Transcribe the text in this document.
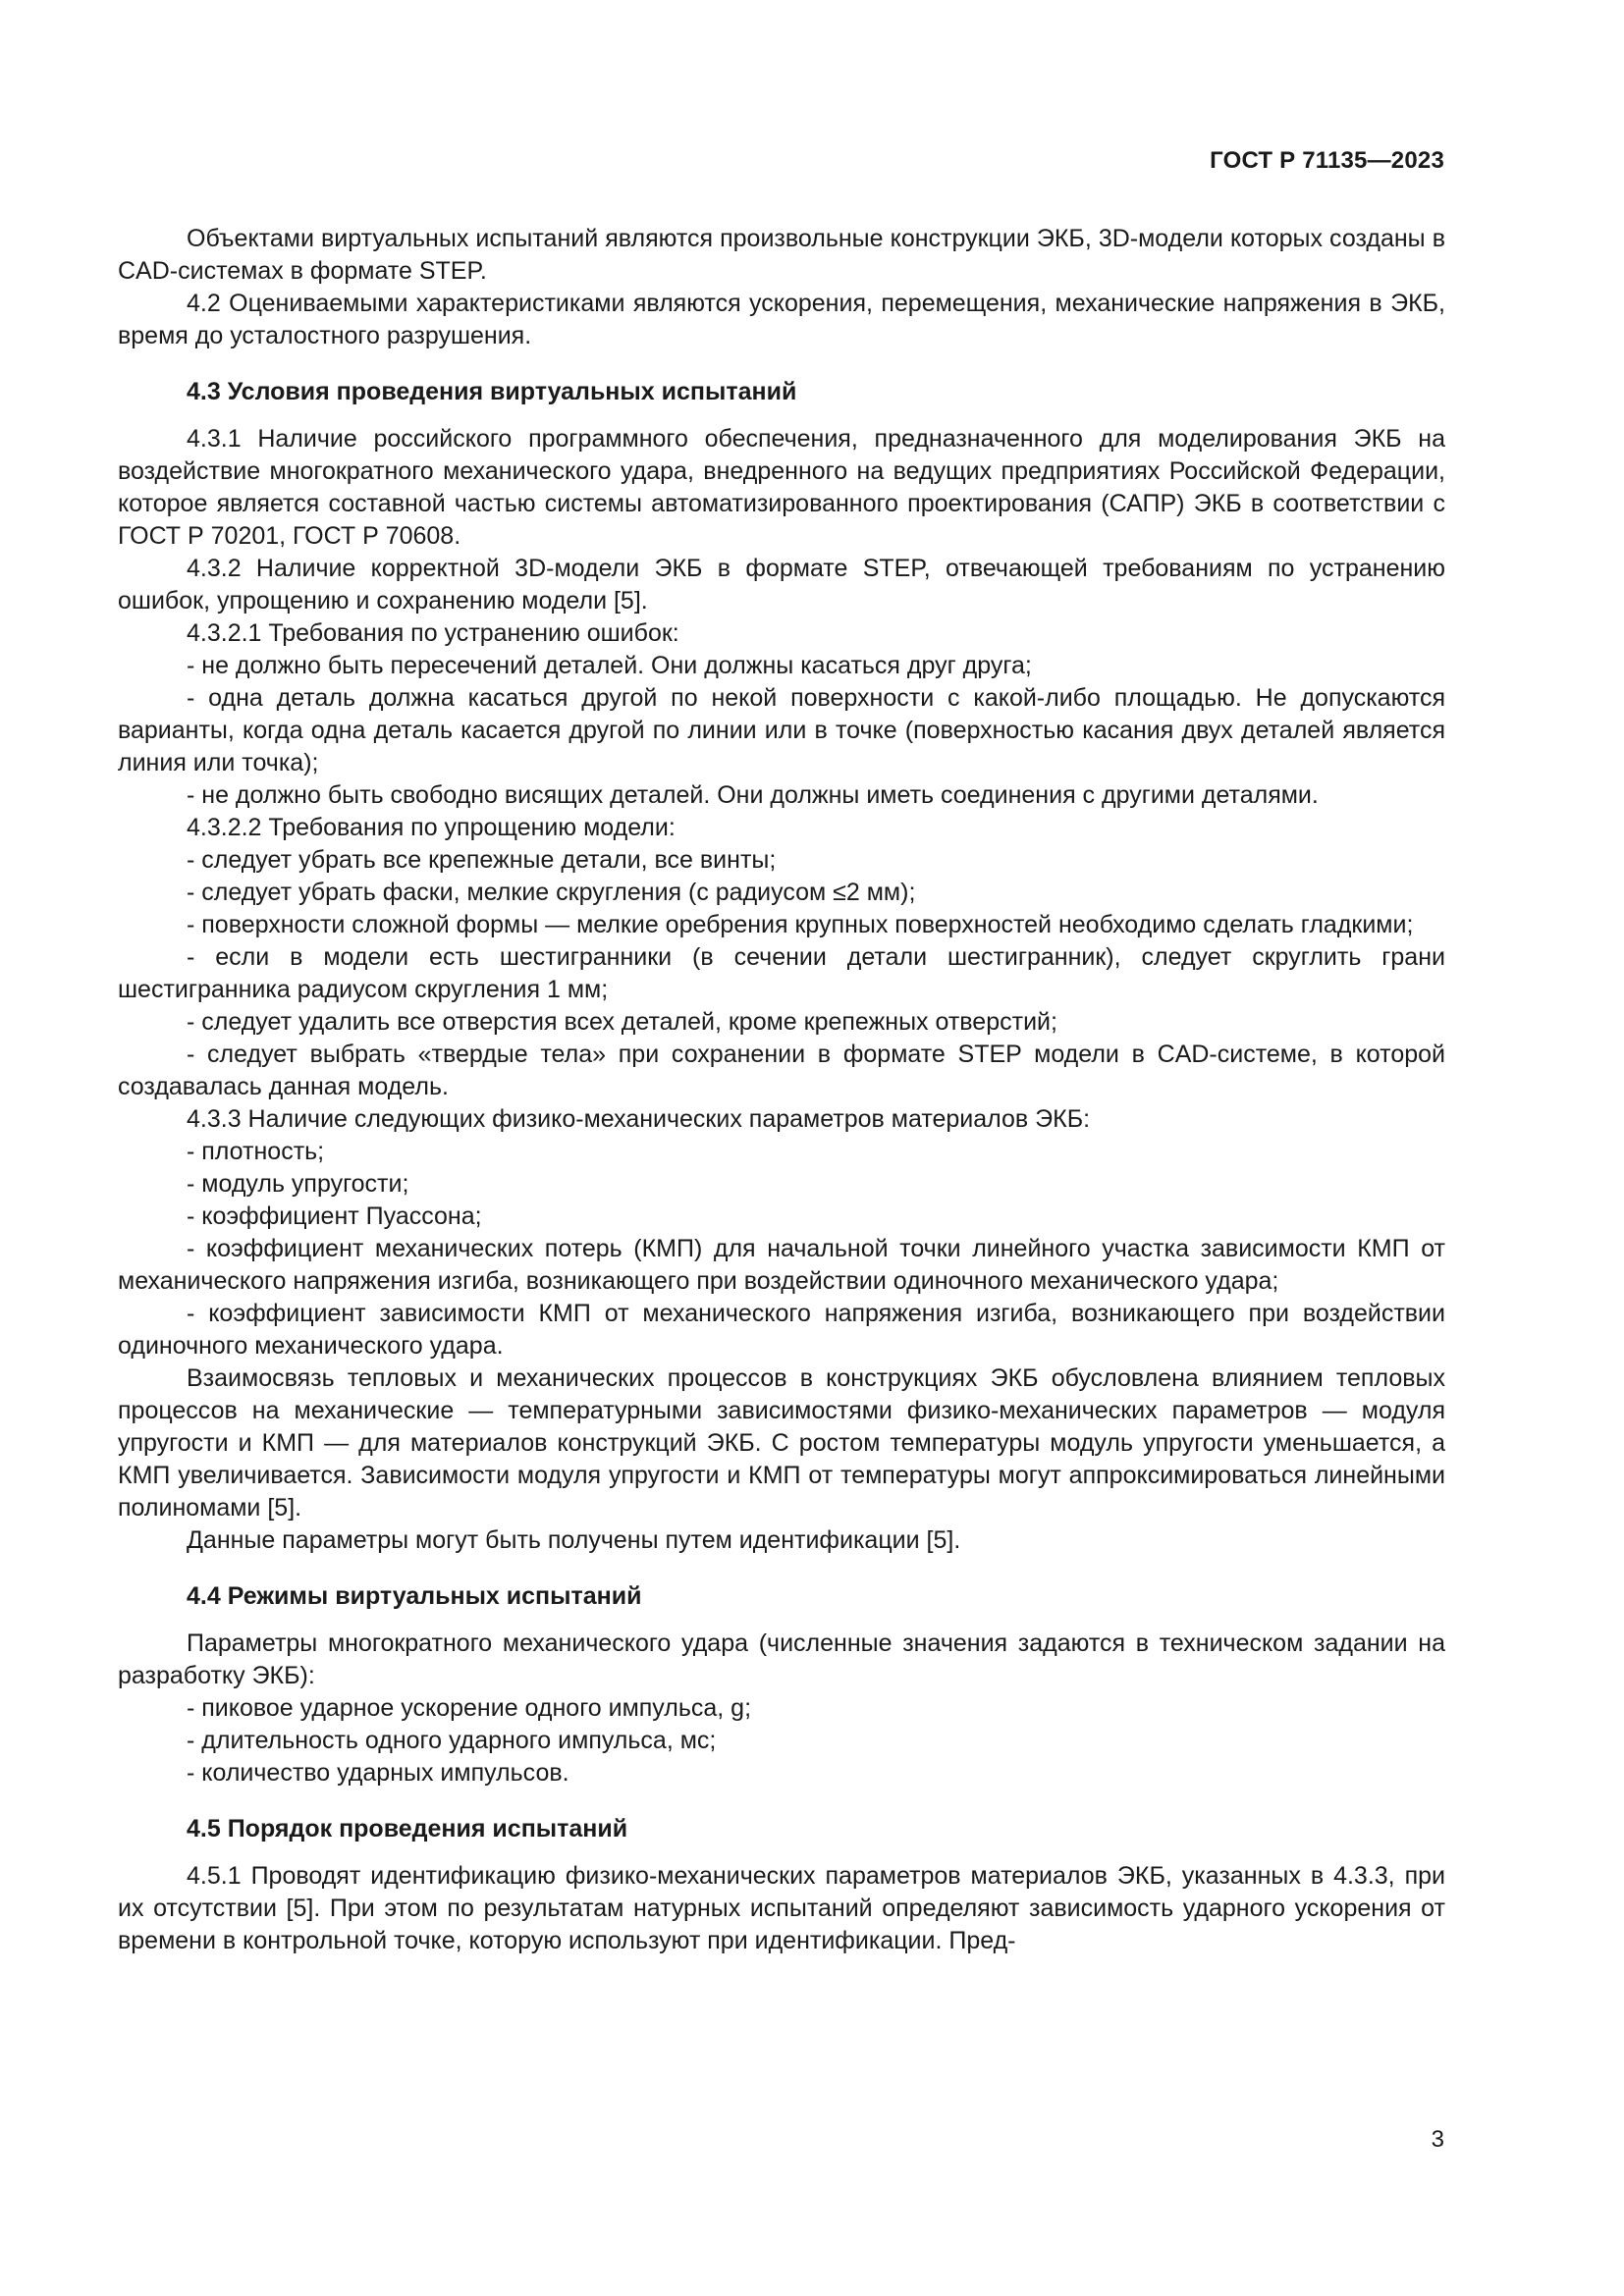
ГОСТ Р 71135—2023

Объектами виртуальных испытаний являются произвольные конструкции ЭКБ, 3D-модели которых созданы в CAD-системах в формате STEP.

4.2 Оцениваемыми характеристиками являются ускорения, перемещения, механические напряжения в ЭКБ, время до усталостного разрушения.

4.3 Условия проведения виртуальных испытаний

4.3.1 Наличие российского программного обеспечения, предназначенного для моделирования ЭКБ на воздействие многократного механического удара, внедренного на ведущих предприятиях Российской Федерации, которое является составной частью системы автоматизированного проектирования (САПР) ЭКБ в соответствии с ГОСТ Р 70201, ГОСТ Р 70608.

4.3.2 Наличие корректной 3D-модели ЭКБ в формате STEP, отвечающей требованиям по устранению ошибок, упрощению и сохранению модели [5].

4.3.2.1 Требования по устранению ошибок:

- не должно быть пересечений деталей. Они должны касаться друг друга;

- одна деталь должна касаться другой по некой поверхности с какой-либо площадью. Не допускаются варианты, когда одна деталь касается другой по линии или в точке (поверхностью касания двух деталей является линия или точка);

- не должно быть свободно висящих деталей. Они должны иметь соединения с другими деталями.

4.3.2.2 Требования по упрощению модели:

- следует убрать все крепежные детали, все винты;

- следует убрать фаски, мелкие скругления (с радиусом ≤2 мм);

- поверхности сложной формы — мелкие оребрения крупных поверхностей необходимо сделать гладкими;

- если в модели есть шестигранники (в сечении детали шестигранник), следует скруглить грани шестигранника радиусом скругления 1 мм;

- следует удалить все отверстия всех деталей, кроме крепежных отверстий;

- следует выбрать «твердые тела» при сохранении в формате STEP модели в CAD-системе, в которой создавалась данная модель.

4.3.3 Наличие следующих физико-механических параметров материалов ЭКБ:

- плотность;

- модуль упругости;

- коэффициент Пуассона;

- коэффициент механических потерь (КМП) для начальной точки линейного участка зависимости КМП от механического напряжения изгиба, возникающего при воздействии одиночного механического удара;

- коэффициент зависимости КМП от механического напряжения изгиба, возникающего при воздействии одиночного механического удара.

Взаимосвязь тепловых и механических процессов в конструкциях ЭКБ обусловлена влиянием тепловых процессов на механические — температурными зависимостями физико-механических параметров — модуля упругости и КМП — для материалов конструкций ЭКБ. С ростом температуры модуль упругости уменьшается, а КМП увеличивается. Зависимости модуля упругости и КМП от температуры могут аппроксимироваться линейными полиномами [5].

Данные параметры могут быть получены путем идентификации [5].

4.4 Режимы виртуальных испытаний

Параметры многократного механического удара (численные значения задаются в техническом задании на разработку ЭКБ):

- пиковое ударное ускорение одного импульса, g;

- длительность одного ударного импульса, мс;

- количество ударных импульсов.

4.5 Порядок проведения испытаний

4.5.1 Проводят идентификацию физико-механических параметров материалов ЭКБ, указанных в 4.3.3, при их отсутствии [5]. При этом по результатам натурных испытаний определяют зависимость ударного ускорения от времени в контрольной точке, которую используют при идентификации. Пред-

3
